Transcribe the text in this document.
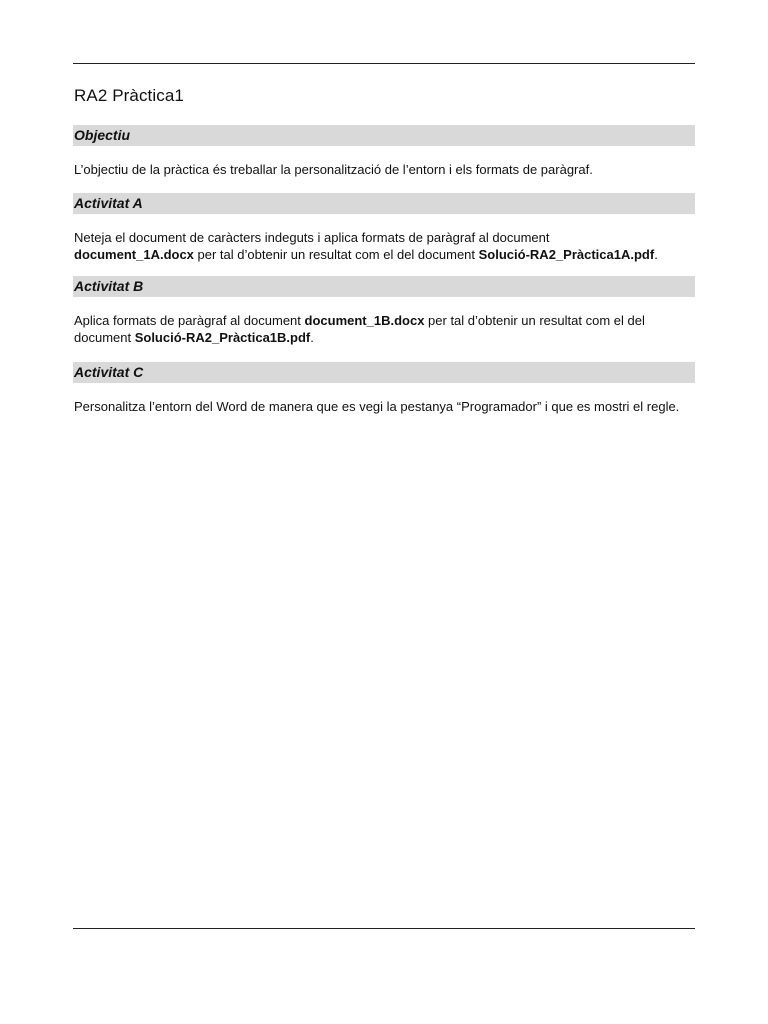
RA2 Pràctica1
Objectiu

L’objectiu de la pràctica és treballar la personalització de l’entorn i els formats de paràgraf.

Activitat A

Neteja el document de caràcters indeguts i aplica formats de paràgraf al document
document_1A.docx per tal d’obtenir un resultat com el del document Solució-RA2_Pràctica1A.pdf.

Activitat B

Aplica formats de paràgraf al document document_1B.docx per tal d’obtenir un resultat com el del document Solució-RA2_Pràctica1B.pdf.

Activitat C

Personalitza l’entorn del Word de manera que es vegi la pestanya “Programador” i que es mostri el regle.
